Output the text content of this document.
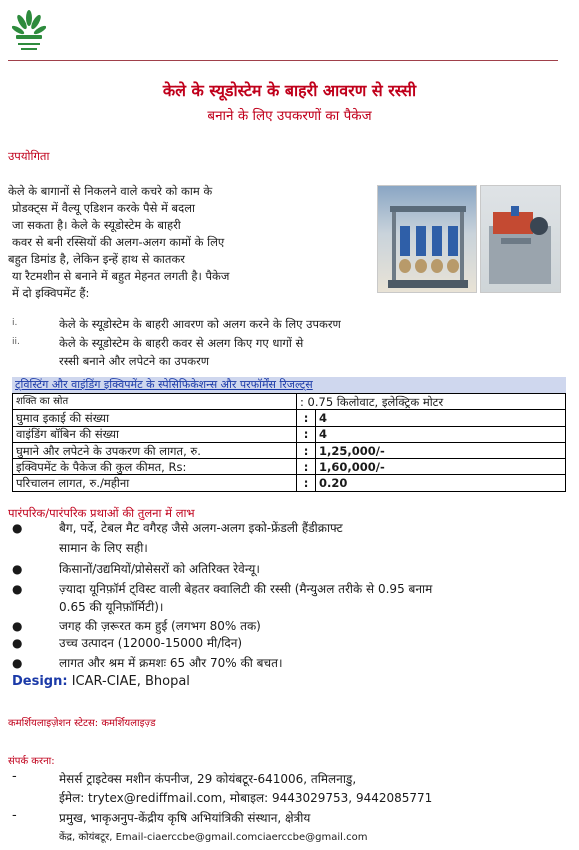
केले के स्यूडोस्टेम के बाहरी आवरण से रस्सी
बनाने के लिए उपकरणों का पैकेज
उपयोगिता
केले के बागानों से निकलने वाले कचरे को काम के
प्रोडक्ट्स में वैल्यू एडिशन करके पैसे में बदला
जा सकता है। केले के स्यूडोस्टेम के बाहरी
कवर से बनी रस्सियों की अलग-अलग कामों के लिए
बहुत डिमांड है, लेकिन इन्हें हाथ से कातकर
या रैटमशीन से बनाने में बहुत मेहनत लगती है। पैकेज
में दो इक्विपमेंट हैं:
i.	केले के स्यूडोस्टेम के बाहरी आवरण को अलग करने के लिए उपकरण
ii.	केले के स्यूडोस्टेम के बाहरी कवर से अलग किए गए धागों से
रस्सी बनाने और लपेटने का उपकरण
ट्विस्टिंग और वाइंडिंग इक्विपमेंट के स्पेसिफिकेशन्स और परफॉर्मेंस रिजल्ट्स
शक्ति का स्रोत	: 0.75 किलोवाट, इलेक्ट्रिक मोटर	
घुमाव इकाई की संख्या	:	4
वाइंडिंग बॉबिन की संख्या	:	4
घुमाने और लपेटने के उपकरण की लागत, रु.	:	1,25,000/-
इक्विपमेंट के पैकेज की कुल कीमत, Rs:	:	1,60,000/-
परिचालन लागत, रु./महीना	:	0.20
पारंपरिक/पारंपरिक प्रथाओं की तुलना में लाभ
●	बैग, पर्दे, टेबल मैट वगैरह जैसे अलग-अलग इको-फ्रेंडली हैंडीक्राफ्ट
सामान के लिए सही।
●	किसानों/उद्यमियों/प्रोसेसरों को अतिरिक्त रेवेन्यू।
●	ज़्यादा यूनिफ़ॉर्म ट्विस्ट वाली बेहतर क्वालिटी की रस्सी (मैन्युअल तरीके से 0.95 बनाम
0.65 की यूनिफ़ॉर्मिटी)।
●	जगह की ज़रूरत कम हुई (लगभग 80% तक)
●	उच्च उत्पादन (12000-15000 मी/दिन)
●	लागत और श्रम में क्रमशः 65 और 70% की बचत।
Design: ICAR-CIAE, Bhopal
कमर्शियलाइज़ेशन स्टेटस: कमर्शियलाइज़्ड
संपर्क करना:
-	मेसर्स ट्राइटेक्स मशीन कंपनीज, 29 कोयंबटूर-641006, तमिलनाडु,
ईमेल: trytex@rediffmail.com, मोबाइल: 9443029753, 9442085771
-	प्रमुख, भाकृअनुप-केंद्रीय कृषि अभियांत्रिकी संस्थान, क्षेत्रीय
केंद्र, कोयंबटूर, Email-ciaerccbe@gmail.comciaerccbe@gmail.com
